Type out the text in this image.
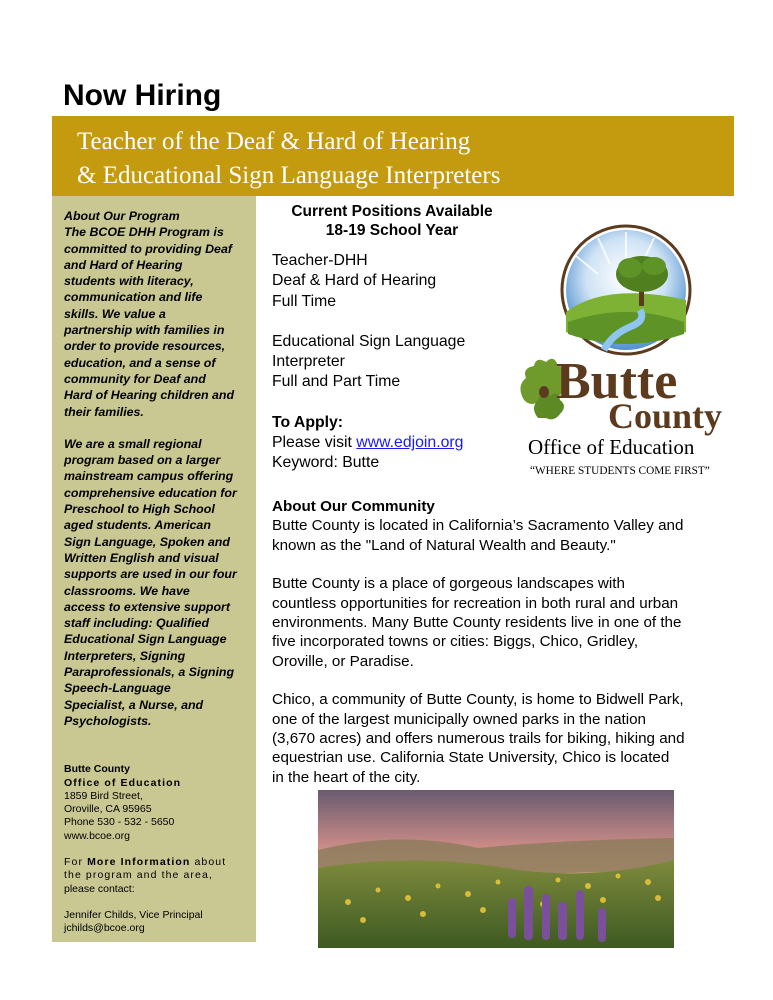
Now Hiring
Teacher of the Deaf & Hard of Hearing
& Educational Sign Language Interpreters

About Our Program

The BCOE DHH Program is

committed to providing Deaf

and Hard of Hearing

students with literacy,

communication and life

skills. We value a

partnership with families in

order to provide resources,

education, and a sense of

community for Deaf and

Hard of Hearing children and

their families.

We are a small regional

program based on a larger

mainstream campus offering

comprehensive education for

Preschool to High School

aged students. American

Sign Language, Spoken and

Written English and visual

supports are used in our four

classrooms. We have

access to extensive support

staff including: Qualified

Educational Sign Language

Interpreters, Signing

Paraprofessionals, a Signing

Speech-Language

Specialist, a Nurse, and

Psychologists.

Butte County

Office of Education

1859 Bird Street,

Oroville, CA 95965

Phone 530 - 532 - 5650

www.bcoe.org

For More Information about

the program and the area,

please contact:

Jennifer Childs, Vice Principal

jchilds@bcoe.org

Current Positions Available
18-19 School Year

Teacher-DHH

Deaf & Hard of Hearing

Full Time

Educational Sign Language

Interpreter

Full and Part Time

To Apply:

Please visit www.edjoin.org

Keyword: Butte

Butte
County
Office of Education
“WHERE STUDENTS COME FIRST”

About Our Community

Butte County is located in California’s Sacramento Valley and

known as the "Land of Natural Wealth and Beauty."

Butte County is a place of gorgeous landscapes with

countless opportunities for recreation in both rural and urban

environments. Many Butte County residents live in one of the

five incorporated towns or cities: Biggs, Chico, Gridley,

Oroville, or Paradise.

Chico, a community of Butte County, is home to Bidwell Park,

one of the largest municipally owned parks in the nation

(3,670 acres) and offers numerous trails for biking, hiking and

equestrian use. California State University, Chico is located

in the heart of the city.
